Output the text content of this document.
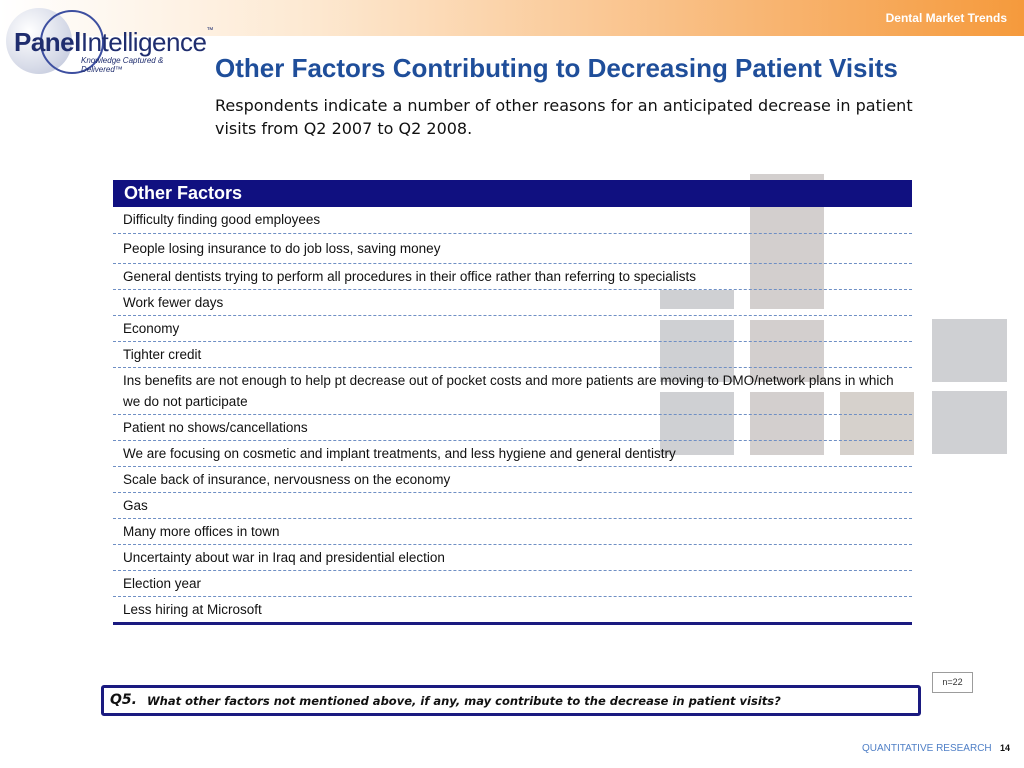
Dental Market Trends
PanelIntelligence™
Knowledge Captured & Delivered™	Other Factors Contributing to Decreasing Patient Visits

Respondents indicate a number of other reasons for an anticipated decrease in patient visits from Q2 2007 to Q2 2008.

Other Factors
Difficulty finding good employees
People losing insurance to do job loss, saving money
General dentists trying to perform all procedures in their office rather than referring to specialists
Work fewer days
Economy
Tighter credit
Ins benefits are not enough to help pt decrease out of pocket costs and more patients are moving to DMO/network plans in which we do not participate
Patient no shows/cancellations
We are focusing on cosmetic and implant treatments, and less hygiene and general dentistry
Scale back of insurance, nervousness on the economy
Gas
Many more offices in town
Uncertainty about war in Iraq and presidential election
Election year
Less hiring at Microsoft
n=22
Q5. What other factors not mentioned above, if any, may contribute to the decrease in patient visits?
QUANTITATIVE RESEARCH 14
